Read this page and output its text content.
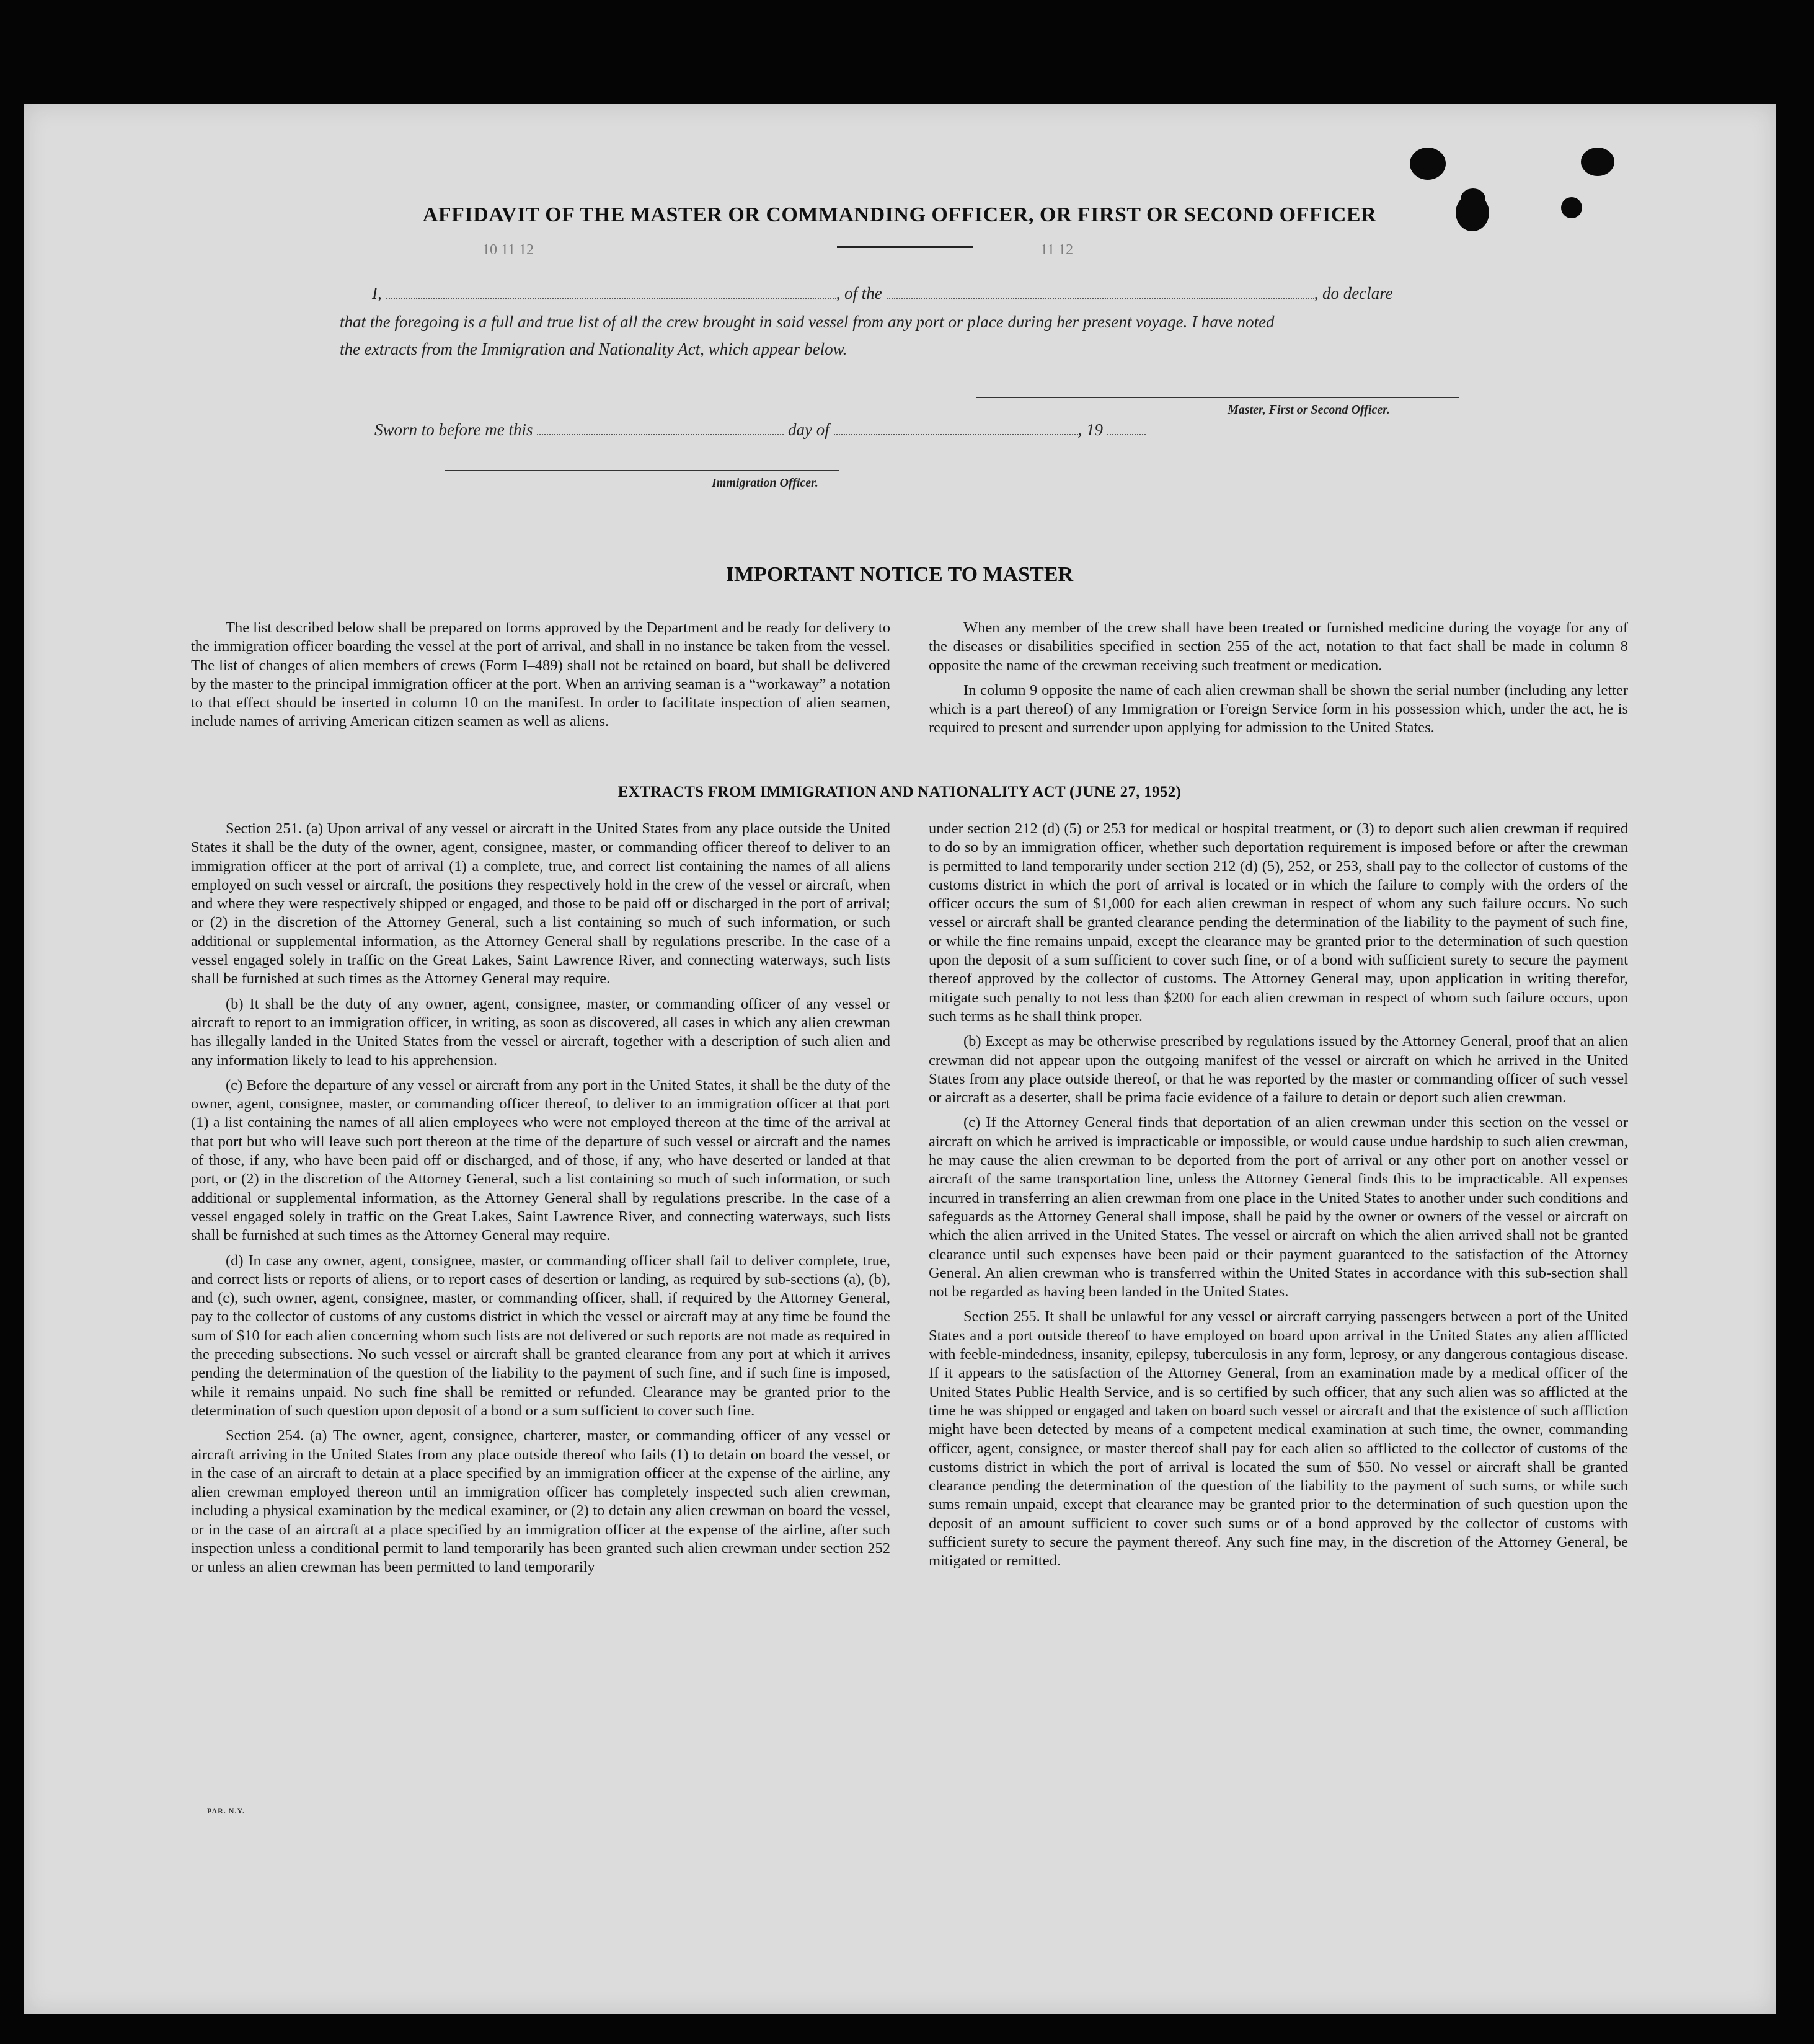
10 11 12	11 12
AFFIDAVIT OF THE MASTER OR COMMANDING OFFICER, OR FIRST OR SECOND OFFICER
I,	, of the	, do declare
that the foregoing is a full and true list of all the crew brought in said vessel from any port or place during her present voyage. I have noted
the extracts from the Immigration and Nationality Act, which appear below.
Master, First or Second Officer.
Sworn to before me this	day of	, 19
Immigration Officer.
IMPORTANT NOTICE TO MASTER

The list described below shall be prepared on forms approved by the Department and be ready for delivery to the immigration officer boarding the vessel at the port of arrival, and shall in no instance be taken from the vessel. The list of changes of alien members of crews (Form I–489) shall not be retained on board, but shall be delivered by the master to the principal immigration officer at the port. When an arriving seaman is a “workaway” a notation to that effect should be inserted in column 10 on the manifest. In order to facilitate inspection of alien seamen, include names of arriving American citizen seamen as well as aliens.

When any member of the crew shall have been treated or furnished medicine during the voyage for any of the diseases or disabilities specified in section 255 of the act, notation to that fact shall be made in column 8 opposite the name of the crewman receiving such treatment or medication.

In column 9 opposite the name of each alien crewman shall be shown the serial number (including any letter which is a part thereof) of any Immigration or Foreign Service form in his possession which, under the act, he is required to present and surrender upon applying for admission to the United States.

EXTRACTS FROM IMMIGRATION AND NATIONALITY ACT (JUNE 27, 1952)

Section 251. (a) Upon arrival of any vessel or aircraft in the United States from any place outside the United States it shall be the duty of the owner, agent, consignee, master, or commanding officer thereof to deliver to an immigration officer at the port of arrival (1) a complete, true, and correct list containing the names of all aliens employed on such vessel or aircraft, the positions they respectively hold in the crew of the vessel or aircraft, when and where they were respectively shipped or engaged, and those to be paid off or discharged in the port of arrival; or (2) in the discretion of the Attorney General, such a list containing so much of such information, or such additional or supplemental information, as the Attorney General shall by regulations prescribe. In the case of a vessel engaged solely in traffic on the Great Lakes, Saint Lawrence River, and connecting waterways, such lists shall be furnished at such times as the Attorney General may require.

(b) It shall be the duty of any owner, agent, consignee, master, or commanding officer of any vessel or aircraft to report to an immigration officer, in writing, as soon as discovered, all cases in which any alien crewman has illegally landed in the United States from the vessel or aircraft, together with a description of such alien and any information likely to lead to his apprehension.

(c) Before the departure of any vessel or aircraft from any port in the United States, it shall be the duty of the owner, agent, consignee, master, or commanding officer thereof, to deliver to an immigration officer at that port (1) a list containing the names of all alien employees who were not employed thereon at the time of the arrival at that port but who will leave such port thereon at the time of the departure of such vessel or aircraft and the names of those, if any, who have been paid off or discharged, and of those, if any, who have deserted or landed at that port, or (2) in the discretion of the Attorney General, such a list containing so much of such information, or such additional or supplemental information, as the Attorney General shall by regulations prescribe. In the case of a vessel engaged solely in traffic on the Great Lakes, Saint Lawrence River, and connecting waterways, such lists shall be furnished at such times as the Attorney General may require.

(d) In case any owner, agent, consignee, master, or commanding officer shall fail to deliver complete, true, and correct lists or reports of aliens, or to report cases of desertion or landing, as required by sub-sections (a), (b), and (c), such owner, agent, consignee, master, or commanding officer, shall, if required by the Attorney General, pay to the collector of customs of any customs district in which the vessel or aircraft may at any time be found the sum of $10 for each alien concerning whom such lists are not delivered or such reports are not made as required in the preceding subsections. No such vessel or aircraft shall be granted clearance from any port at which it arrives pending the determination of the question of the liability to the payment of such fine, and if such fine is imposed, while it remains unpaid. No such fine shall be remitted or refunded. Clearance may be granted prior to the determination of such question upon deposit of a bond or a sum sufficient to cover such fine.

Section 254. (a) The owner, agent, consignee, charterer, master, or commanding officer of any vessel or aircraft arriving in the United States from any place outside thereof who fails (1) to detain on board the vessel, or in the case of an aircraft to detain at a place specified by an immigration officer at the expense of the airline, any alien crewman employed thereon until an immigration officer has completely inspected such alien crewman, including a physical examination by the medical examiner, or (2) to detain any alien crewman on board the vessel, or in the case of an aircraft at a place specified by an immigration officer at the expense of the airline, after such inspection unless a conditional permit to land temporarily has been granted such alien crewman under section 252 or unless an alien crewman has been permitted to land temporarily

under section 212 (d) (5) or 253 for medical or hospital treatment, or (3) to deport such alien crewman if required to do so by an immigration officer, whether such deportation requirement is imposed before or after the crewman is permitted to land temporarily under section 212 (d) (5), 252, or 253, shall pay to the collector of customs of the customs district in which the port of arrival is located or in which the failure to comply with the orders of the officer occurs the sum of $1,000 for each alien crewman in respect of whom any such failure occurs. No such vessel or aircraft shall be granted clearance pending the determination of the liability to the payment of such fine, or while the fine remains unpaid, except the clearance may be granted prior to the determination of such question upon the deposit of a sum sufficient to cover such fine, or of a bond with sufficient surety to secure the payment thereof approved by the collector of customs. The Attorney General may, upon application in writing therefor, mitigate such penalty to not less than $200 for each alien crewman in respect of whom such failure occurs, upon such terms as he shall think proper.

(b) Except as may be otherwise prescribed by regulations issued by the Attorney General, proof that an alien crewman did not appear upon the outgoing manifest of the vessel or aircraft on which he arrived in the United States from any place outside thereof, or that he was reported by the master or commanding officer of such vessel or aircraft as a deserter, shall be prima facie evidence of a failure to detain or deport such alien crewman.

(c) If the Attorney General finds that deportation of an alien crewman under this section on the vessel or aircraft on which he arrived is impracticable or impossible, or would cause undue hardship to such alien crewman, he may cause the alien crewman to be deported from the port of arrival or any other port on another vessel or aircraft of the same transportation line, unless the Attorney General finds this to be impracticable. All expenses incurred in transferring an alien crewman from one place in the United States to another under such conditions and safeguards as the Attorney General shall impose, shall be paid by the owner or owners of the vessel or aircraft on which the alien arrived in the United States. The vessel or aircraft on which the alien arrived shall not be granted clearance until such expenses have been paid or their payment guaranteed to the satisfaction of the Attorney General. An alien crewman who is transferred within the United States in accordance with this sub-section shall not be regarded as having been landed in the United States.

Section 255. It shall be unlawful for any vessel or aircraft carrying passengers between a port of the United States and a port outside thereof to have employed on board upon arrival in the United States any alien afflicted with feeble-mindedness, insanity, epilepsy, tuberculosis in any form, leprosy, or any dangerous contagious disease. If it appears to the satisfaction of the Attorney General, from an examination made by a medical officer of the United States Public Health Service, and is so certified by such officer, that any such alien was so afflicted at the time he was shipped or engaged and taken on board such vessel or aircraft and that the existence of such affliction might have been detected by means of a competent medical examination at such time, the owner, commanding officer, agent, consignee, or master thereof shall pay for each alien so afflicted to the collector of customs of the customs district in which the port of arrival is located the sum of $50. No vessel or aircraft shall be granted clearance pending the determination of the question of the liability to the payment of such sums, or while such sums remain unpaid, except that clearance may be granted prior to the determination of such question upon the deposit of an amount sufficient to cover such sums or of a bond approved by the collector of customs with sufficient surety to secure the payment thereof. Any such fine may, in the discretion of the Attorney General, be mitigated or remitted.

PAR. N.Y.
